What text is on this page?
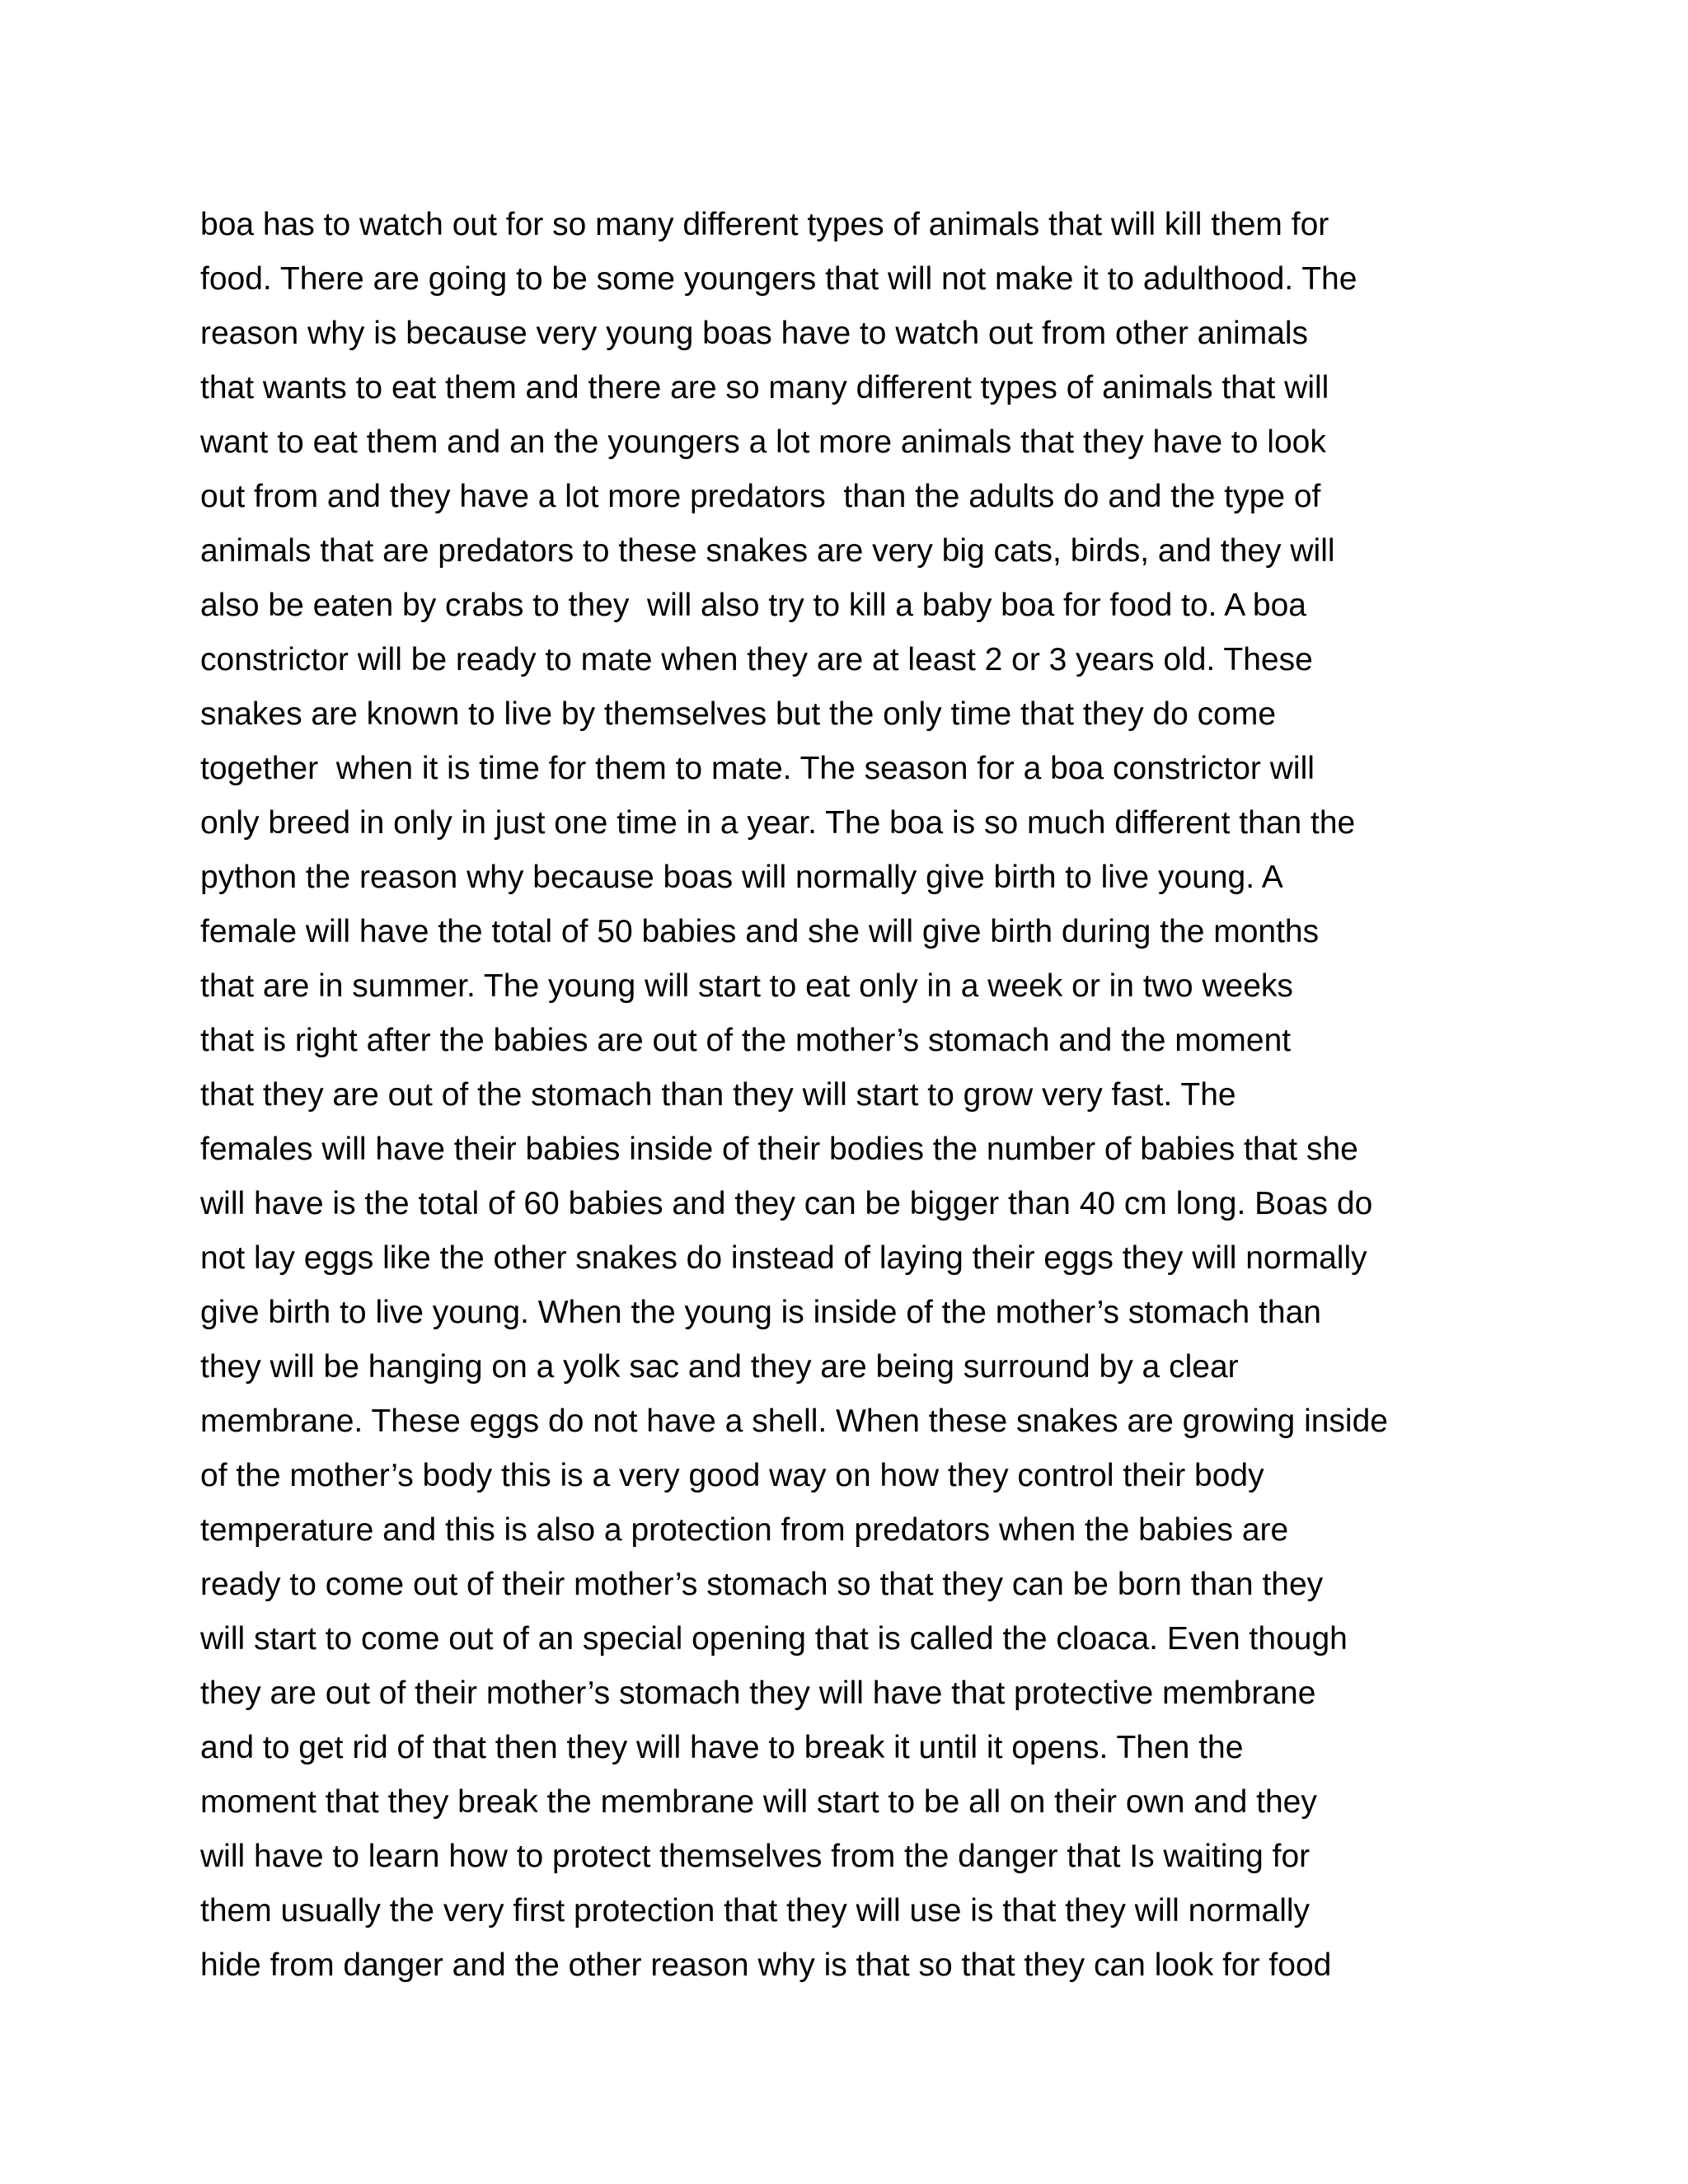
boa has to watch out for so many different types of animals that will kill them for
food. There are going to be some youngers that will not make it to adulthood. The
reason why is because very young boas have to watch out from other animals
that wants to eat them and there are so many different types of animals that will
want to eat them and an the youngers a lot more animals that they have to look
out from and they have a lot more predators  than the adults do and the type of
animals that are predators to these snakes are very big cats, birds, and they will
also be eaten by crabs to they  will also try to kill a baby boa for food to. A boa
constrictor will be ready to mate when they are at least 2 or 3 years old. These
snakes are known to live by themselves but the only time that they do come
together  when it is time for them to mate. The season for a boa constrictor will
only breed in only in just one time in a year. The boa is so much different than the
python the reason why because boas will normally give birth to live young. A
female will have the total of 50 babies and she will give birth during the months
that are in summer. The young will start to eat only in a week or in two weeks
that is right after the babies are out of the mother’s stomach and the moment
that they are out of the stomach than they will start to grow very fast. The
females will have their babies inside of their bodies the number of babies that she
will have is the total of 60 babies and they can be bigger than 40 cm long. Boas do
not lay eggs like the other snakes do instead of laying their eggs they will normally
give birth to live young. When the young is inside of the mother’s stomach than
they will be hanging on a yolk sac and they are being surround by a clear
membrane. These eggs do not have a shell. When these snakes are growing inside
of the mother’s body this is a very good way on how they control their body
temperature and this is also a protection from predators when the babies are
ready to come out of their mother’s stomach so that they can be born than they
will start to come out of an special opening that is called the cloaca. Even though
they are out of their mother’s stomach they will have that protective membrane
and to get rid of that then they will have to break it until it opens. Then the
moment that they break the membrane will start to be all on their own and they
will have to learn how to protect themselves from the danger that Is waiting for
them usually the very first protection that they will use is that they will normally
hide from danger and the other reason why is that so that they can look for food
